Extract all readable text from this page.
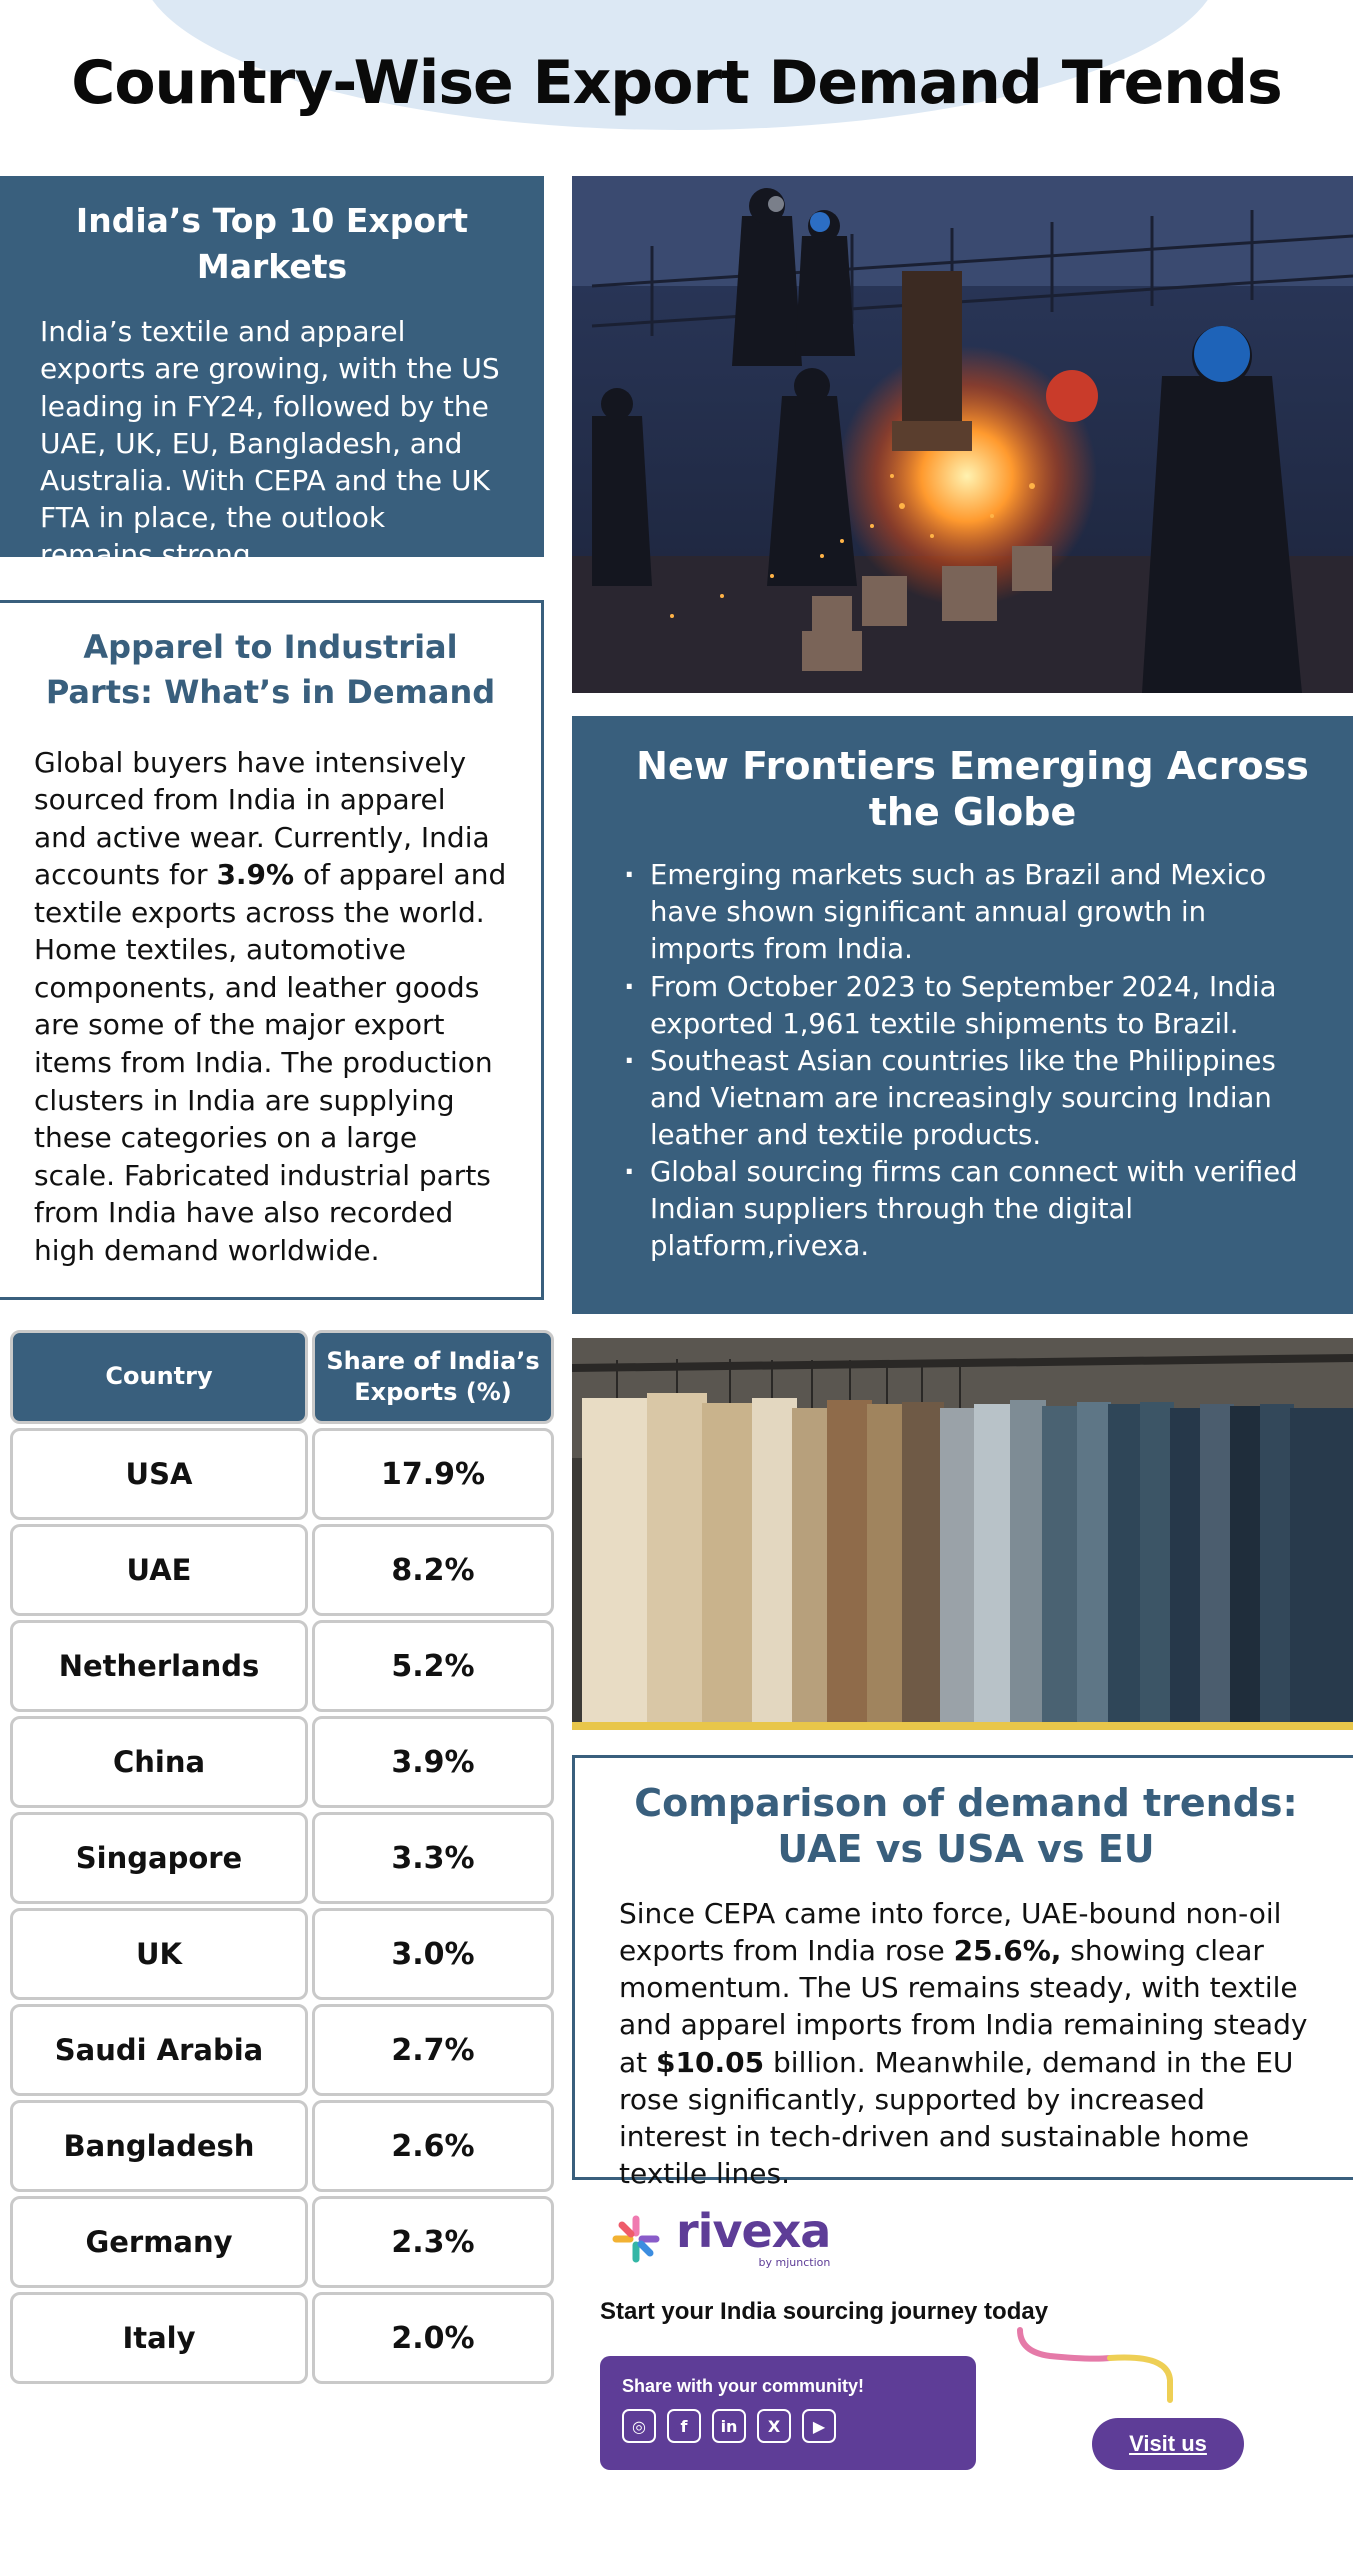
Country-Wise Export Demand Trends
India’s Top 10 Export Markets

India’s textile and apparel exports are growing, with the US leading in FY24, followed by the UAE, UK, EU, Bangladesh, and Australia. With CEPA and the UK FTA in place, the outlook remains strong.

Apparel to Industrial Parts: What’s in Demand

Global buyers have intensively sourced from India in apparel and active wear. Currently, India accounts for 3.9% of apparel and textile exports across the world. Home textiles, automotive components, and leather goods are some of the major export items from India. The production clusters in India are supplying these categories on a large scale. Fabricated industrial parts from India have also recorded high demand worldwide.

New Frontiers Emerging Across the Globe
· Emerging markets such as Brazil and Mexico have shown significant annual growth in imports from India.
· From October 2023 to September 2024, India exported 1,961 textile shipments to Brazil.
· Southeast Asian countries like the Philippines and Vietnam are increasingly sourcing Indian leather and textile products.
· Global sourcing firms can connect with verified Indian suppliers through the digital platform,rivexa.
Country
Share of India’s Exports (%)
USA	17.9%
UAE	8.2%
Netherlands	5.2%
China	3.9%
Singapore	3.3%
UK	3.0%
Saudi Arabia	2.7%
Bangladesh	2.6%
Germany	2.3%
Italy	2.0%
Comparison of demand trends: UAE vs USA vs EU

Since CEPA came into force, UAE-bound non-oil exports from India rose 25.6%, showing clear momentum. The US remains steady, with textile and apparel imports from India remaining steady at $10.05 billion. Meanwhile, demand in the EU rose significantly, supported by increased interest in tech-driven and sustainable home textile lines.

rivexa
by mjunction
Start your India sourcing journey today
Share with your community!
◎	f	in	X	▶
Visit us
